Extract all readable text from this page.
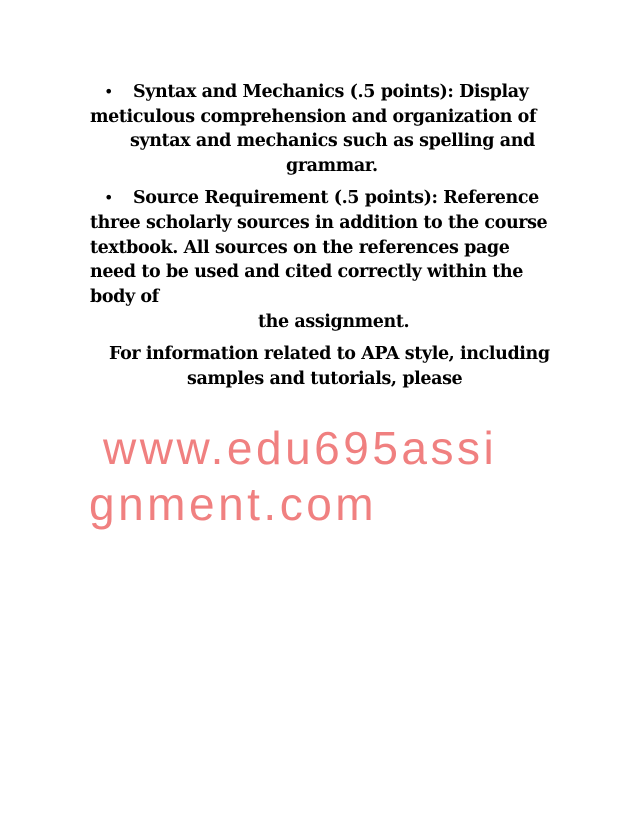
• Syntax and Mechanics (.5 points): Display
meticulous comprehension and organization of
syntax and mechanics such as spelling and
grammar.
• Source Requirement (.5 points): Reference
three scholarly sources in addition to the course
textbook. All sources on the references page
need to be used and cited correctly within the
body of
the assignment.
For information related to APA style, including
samples and tutorials, please
www.edu695assi
gnment.com
